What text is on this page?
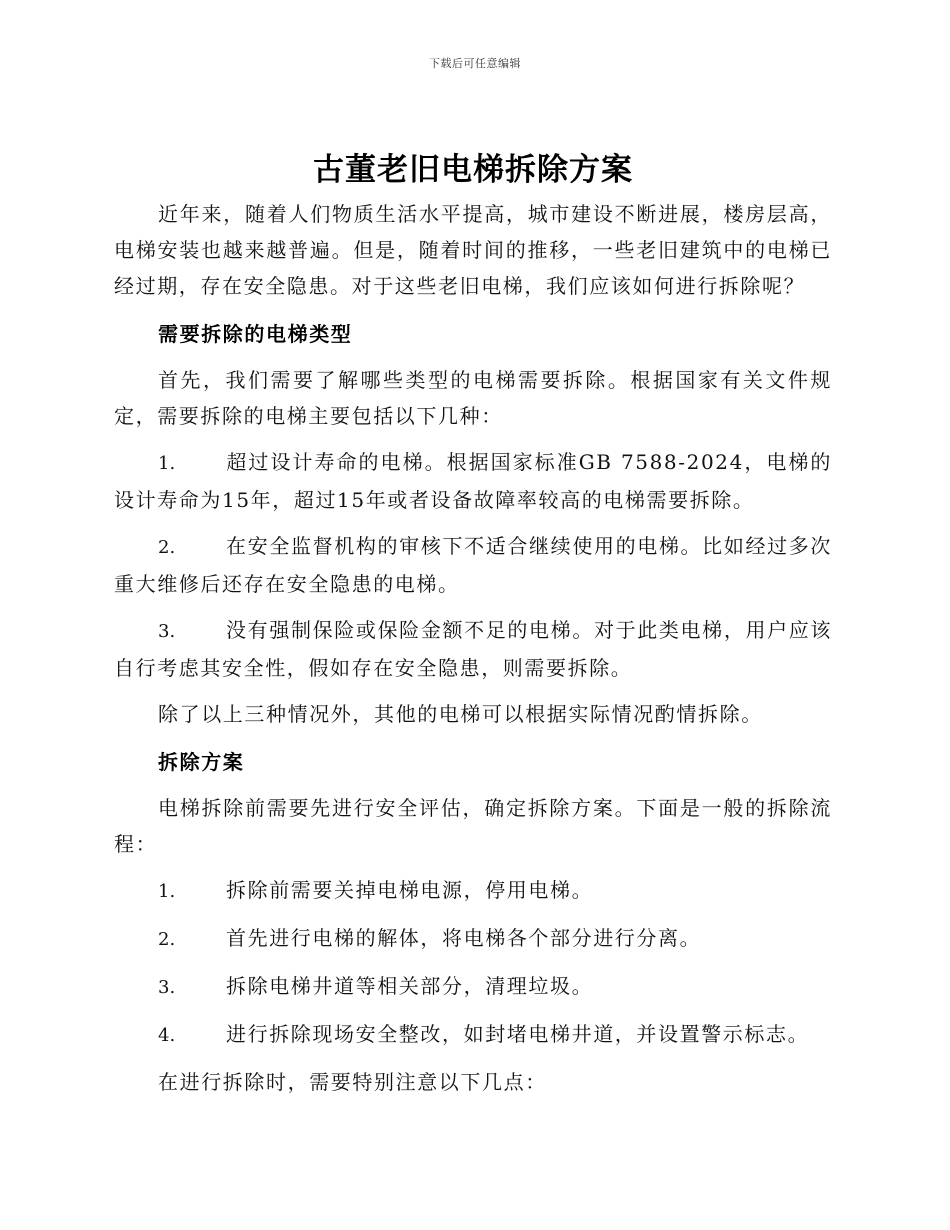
下载后可任意编辑
古董老旧电梯拆除方案

近年来，随着人们物质生活水平提高，城市建设不断进展，楼房层高，电梯安装也越来越普遍。但是，随着时间的推移，一些老旧建筑中的电梯已经过期，存在安全隐患。对于这些老旧电梯，我们应该如何进行拆除呢？

需要拆除的电梯类型

首先，我们需要了解哪些类型的电梯需要拆除。根据国家有关文件规定，需要拆除的电梯主要包括以下几种：

1.	超过设计寿命的电梯。根据国家标准GB 7588-2024，电梯的设计寿命为15年，超过15年或者设备故障率较高的电梯需要拆除。

2.	在安全监督机构的审核下不适合继续使用的电梯。比如经过多次重大维修后还存在安全隐患的电梯。

3.	没有强制保险或保险金额不足的电梯。对于此类电梯，用户应该自行考虑其安全性，假如存在安全隐患，则需要拆除。

除了以上三种情况外，其他的电梯可以根据实际情况酌情拆除。

拆除方案

电梯拆除前需要先进行安全评估，确定拆除方案。下面是一般的拆除流程：

1.	拆除前需要关掉电梯电源，停用电梯。

2.	首先进行电梯的解体，将电梯各个部分进行分离。

3.	拆除电梯井道等相关部分，清理垃圾。

4.	进行拆除现场安全整改，如封堵电梯井道，并设置警示标志。

在进行拆除时，需要特别注意以下几点：
